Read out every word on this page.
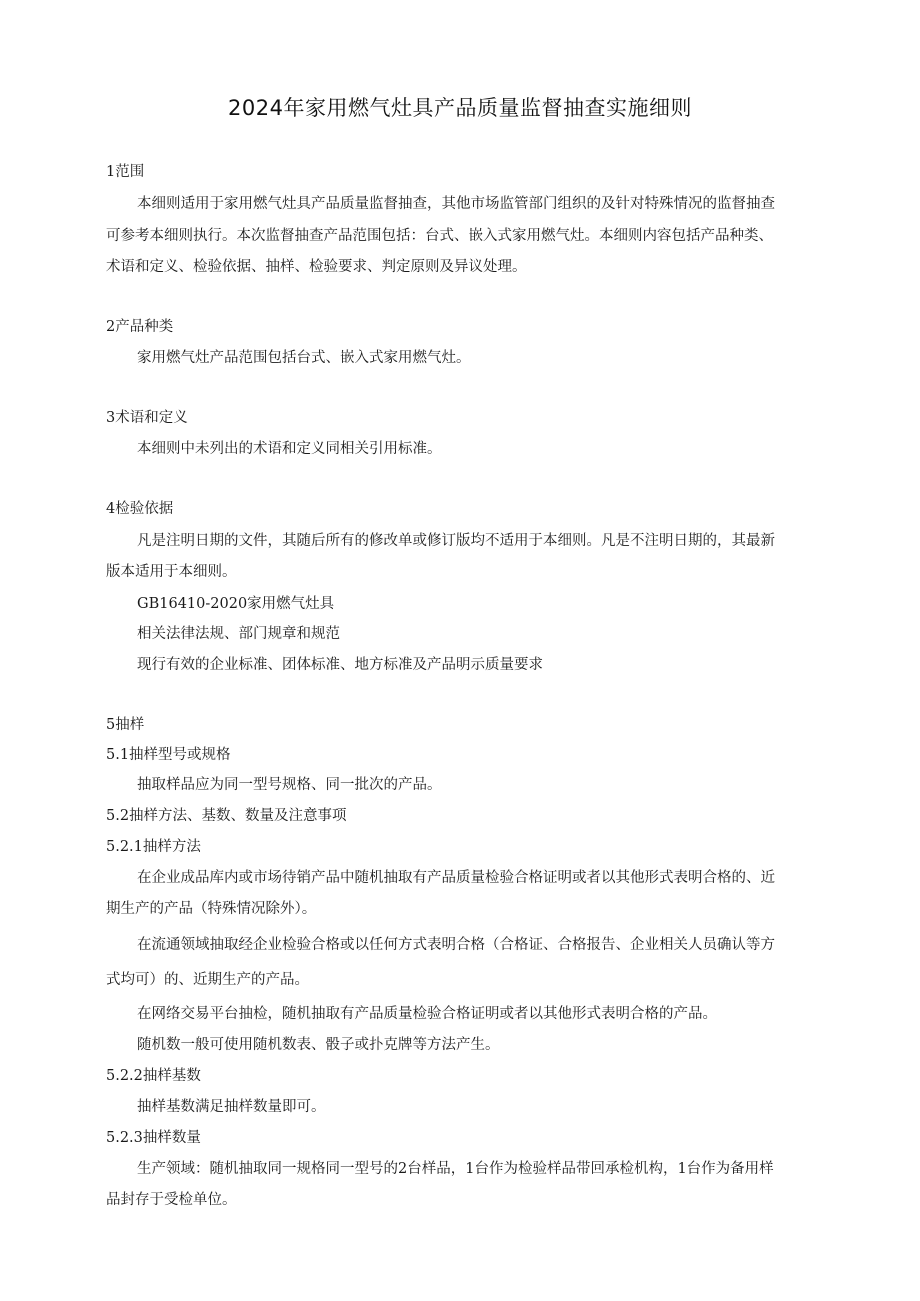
2024年家用燃气灶具产品质量监督抽查实施细则
1范围
本细则适用于家用燃气灶具产品质量监督抽查，其他市场监管部门组织的及针对特殊情况的监督抽查
可参考本细则执行。本次监督抽查产品范围包括：台式、嵌入式家用燃气灶。本细则内容包括产品种类、
术语和定义、检验依据、抽样、检验要求、判定原则及异议处理。
2产品种类
家用燃气灶产品范围包括台式、嵌入式家用燃气灶。
3术语和定义
本细则中未列出的术语和定义同相关引用标准。
4检验依据
凡是注明日期的文件，其随后所有的修改单或修订版均不适用于本细则。凡是不注明日期的，其最新
版本适用于本细则。
GB16410-2020家用燃气灶具
相关法律法规、部门规章和规范
现行有效的企业标准、团体标准、地方标准及产品明示质量要求
5抽样
5.1抽样型号或规格
抽取样品应为同一型号规格、同一批次的产品。
5.2抽样方法、基数、数量及注意事项
5.2.1抽样方法
在企业成品库内或市场待销产品中随机抽取有产品质量检验合格证明或者以其他形式表明合格的、近
期生产的产品（特殊情况除外）。
在流通领域抽取经企业检验合格或以任何方式表明合格（合格证、合格报告、企业相关人员确认等方
式均可）的、近期生产的产品。
在网络交易平台抽检，随机抽取有产品质量检验合格证明或者以其他形式表明合格的产品。
随机数一般可使用随机数表、骰子或扑克牌等方法产生。
5.2.2抽样基数
抽样基数满足抽样数量即可。
5.2.3抽样数量
生产领域：随机抽取同一规格同一型号的2台样品，1台作为检验样品带回承检机构，1台作为备用样
品封存于受检单位。
